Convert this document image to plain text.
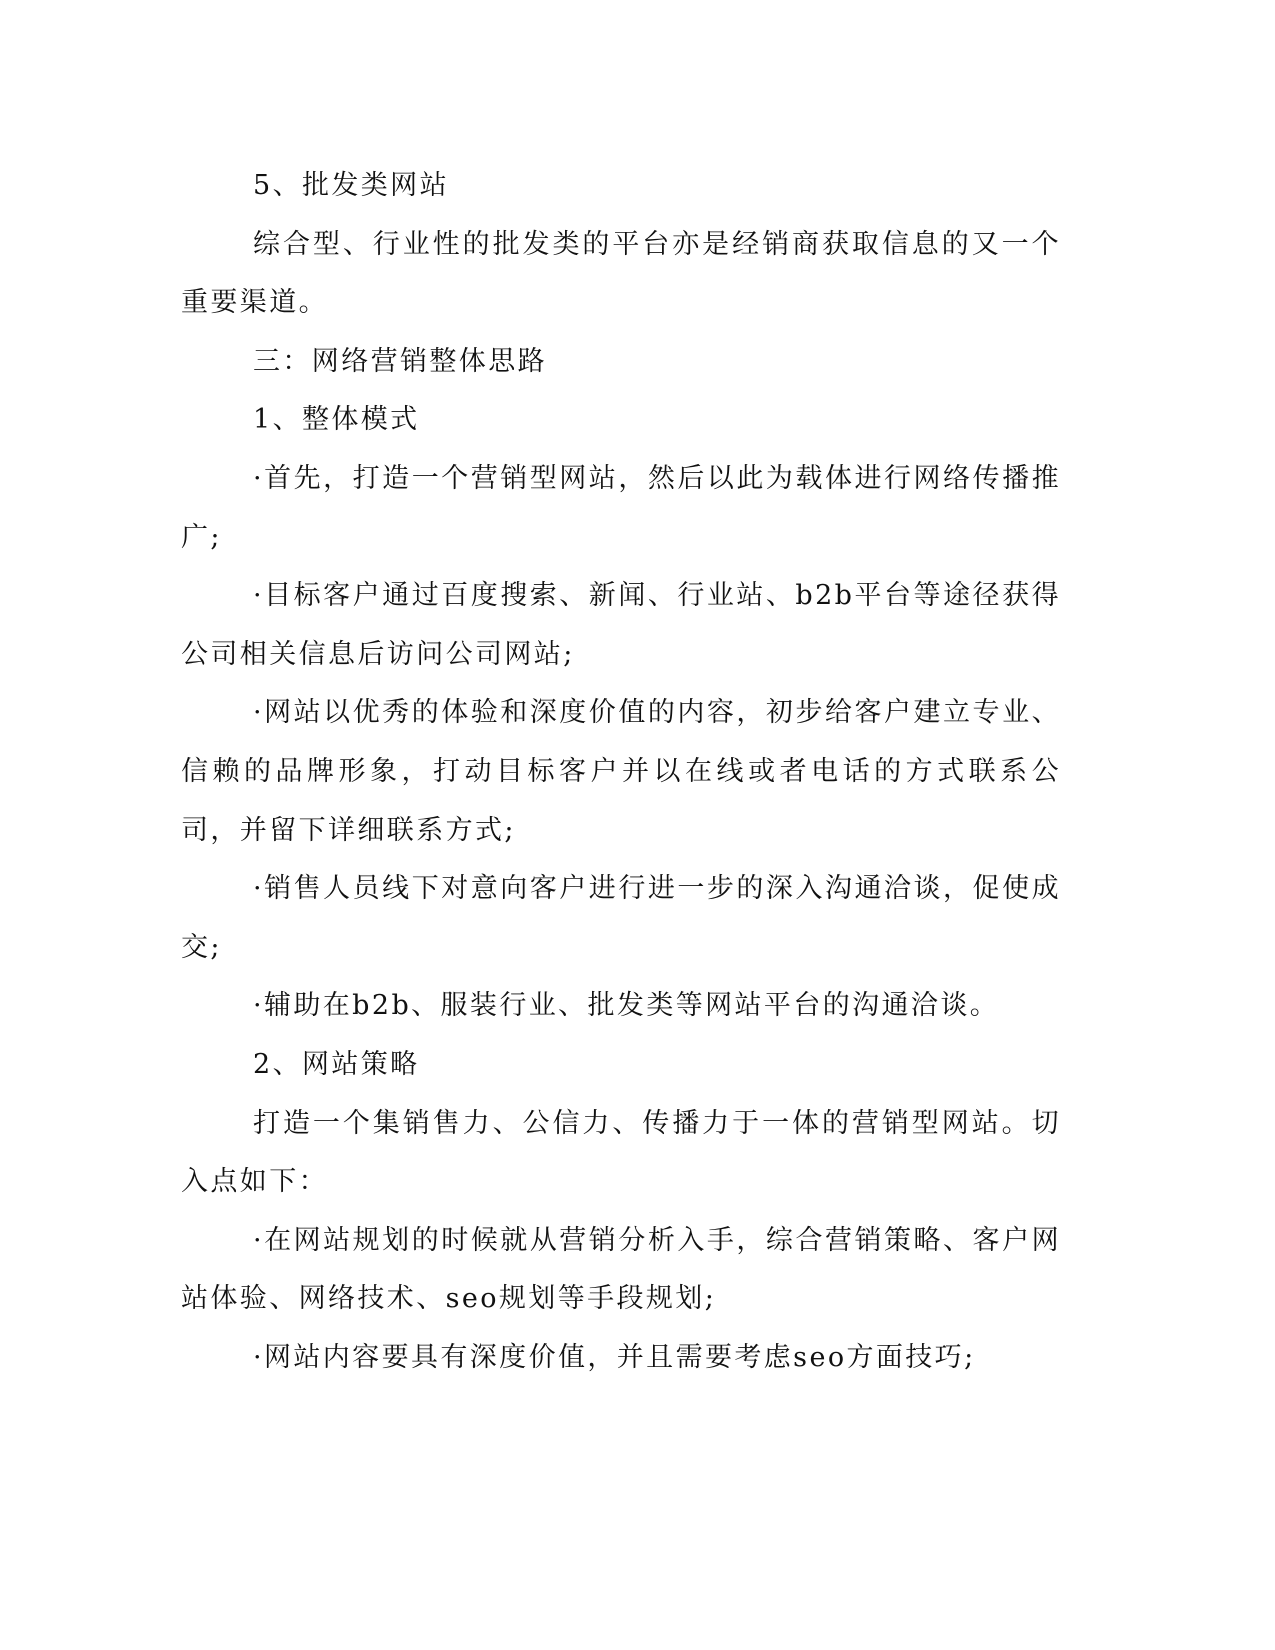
5、批发类网站

综合型、行业性的批发类的平台亦是经销商获取信息的又一个重要渠道。

三：网络营销整体思路

1、整体模式

·首先，打造一个营销型网站，然后以此为载体进行网络传播推广;

·目标客户通过百度搜索、新闻、行业站、b2b平台等途径获得公司相关信息后访问公司网站;

·网站以优秀的体验和深度价值的内容，初步给客户建立专业、信赖的品牌形象，打动目标客户并以在线或者电话的方式联系公司，并留下详细联系方式;

·销售人员线下对意向客户进行进一步的深入沟通洽谈，促使成交;

·辅助在b2b、服装行业、批发类等网站平台的沟通洽谈。

2、网站策略

打造一个集销售力、公信力、传播力于一体的营销型网站。切入点如下：

·在网站规划的时候就从营销分析入手，综合营销策略、客户网站体验、网络技术、seo规划等手段规划;

·网站内容要具有深度价值，并且需要考虑seo方面技巧;
